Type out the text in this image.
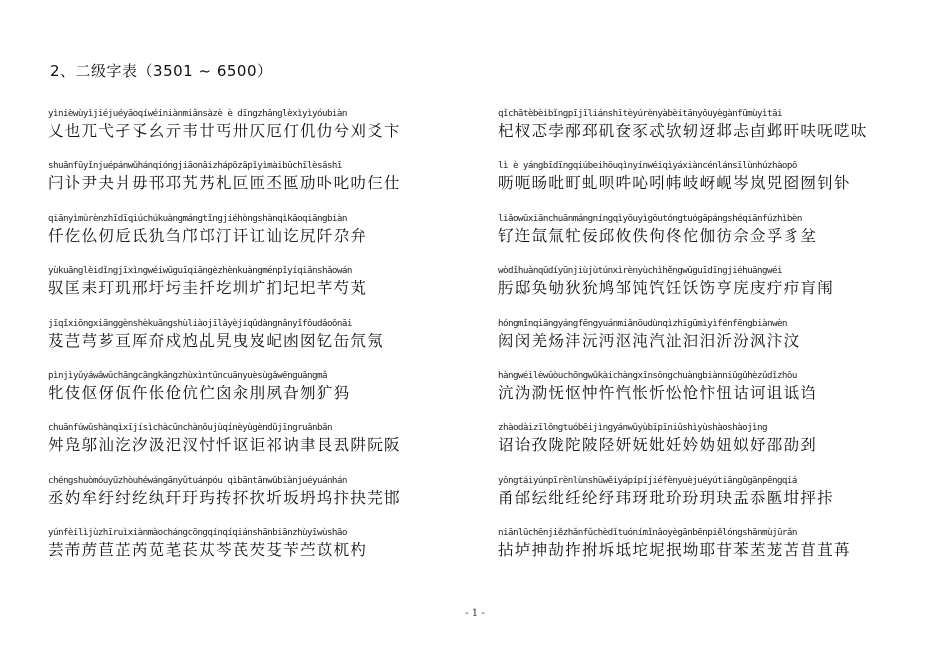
2、二级字表（3501 ~ 6500）
yìnièwùyìjiéjuéyāoqíwéiniànmiǎnsàzè è dīngzhǎnglèxìyìyóubiàn
乂也兀弋孑孓幺亓韦廿丐卅仄厄仃仉仂兮刈爻卞
shuānfūyǐnjuépánwǔhánqióngjiāonǎizhápōzāpǐyìmàibǔchīlèsāshī
闩讣尹夬爿毋邗邛艽艿札叵匝丕匜劢卟叱叻仨仕
qiānyìmùrènzhīdīqiúchúkuàngmángtǐngjiéhòngshànqìkāoqiāngbiàn
仟仡仫仞卮氐犰刍邝邙汀讦讧讪讫尻阡尕弁
yùkuānglèidǐngjīxìngwéiwūguīqiāngèzhènkuàngménpǐyíqiānshǎowán
驭匡耒玎玑邢圩圬圭扦圪圳圹扪圮圯芊芍芄
jīqǐxiōngxiānggènshèkuǎngshùliàojīlǎyèjíqǔdàngnǎnyǐfǒudǎoǒnāi
芨芑芎芗亘厍夼戍尥乩旯曳岌屺凼囡钇缶氘氖
pìnjìyǔyáwǎwǔchāngcāngkāngzhùxìntūncuānyuèsùgǎwēnguāngmǎ
牝伎伛伢佤仵伥伧伉伫囟汆刖夙旮刎犷犸
chuānfúwǔshànqìxījísìchàcūnchànǒujùqínèyùgèndǔjīngruǎnbǎn
舛凫邬汕汔汐汲汜汊忖忏讴讵祁讷聿艮厾阱阮阪
chéngshuòmóuyūzhòuhéwángānyǔtuánpóu qìbāntānwǔbiànjuéyuánhán
丞妁牟纡纣纥纨玕玗玙抟抔扻圻坂坍坞抃抉芫邯
yúnfèilìjùzhīruìxiànmàochángcōngqínqíqiánshānbiānzhùyīwùshāo
芸芾苈苣芷芮苋芼苌苁芩芪芡芟苄苎苡杌杓
qǐchātèbèibǐngpījīliánshītèyúrènyàbèitānyǒuyègànfūmùyìtāi
杞杈忑孛邴邳矶奁豕忒欤轫迓邶忐卣邺旰呋呒呓呔
lì è yángbīdīngqiúbeihōuqìnyínwéiqìyáxiàncénlánsīlùnhúzhàopō
呖呃旸吡町虬呗吽吣吲帏岐岈岘岑岚兕囵囫钊钋
liǎowūxiānchuānmángníngqìyōuyìgōutóngtuógāpángshéqiānfúzhìbèn
钌迕氙氚牤佞邱攸佚佝佟佗伽彷佘佥孚豸坌
wòdǐhuànqūdíyūnjiùjùtúnxìrènyùchìhěngwǔguīdīngjiéhuāngwéi
肟邸奂劬狄狁鸠邹饨饩饪饫饬亨庑庋疔疖肓闱
hóngmǐnqiāngyángfēngyuánmiǎnōudùnqìzhīgūmìyìfénfēngbiànwèn
闳闵羌炀沣沅沔沤沌汽沚汩汨沂汾沨汴汶
hàngwéilèwǔòuchōngwǔkàichàngxīnsōngchuàngbiànniǔgǔhèzǔdǐzhōu
沆沩泐怃怄忡忤忾怅忻忪怆忭忸诂诃诅诋诌
zhàodàizīlǒngtuóbēijìngyánwǔyùbīpīniǔshìyùshàoshàojìng
诏诒孜陇陀陂陉妍妩妣妊妗妫妞姒妤邵劭刭
yǒngtáiyúnpīrènlùnshūwěiyápípíjiéfènyuèjuéyútiāngǔgānpēngqiá
甬邰纭纰纴纶纾玮玡玭玠玢玥玦盂忝匦坩抨拤
niānlūchēnjiězhǎnfǔchèdǐtuónímǐnǎoyègānbēnpiělóngshānmùjūrǎn
拈垆抻劼拃拊坼坻坨坭抿坳耶苷苯苤茏苫苜苴苒
- 1 -
